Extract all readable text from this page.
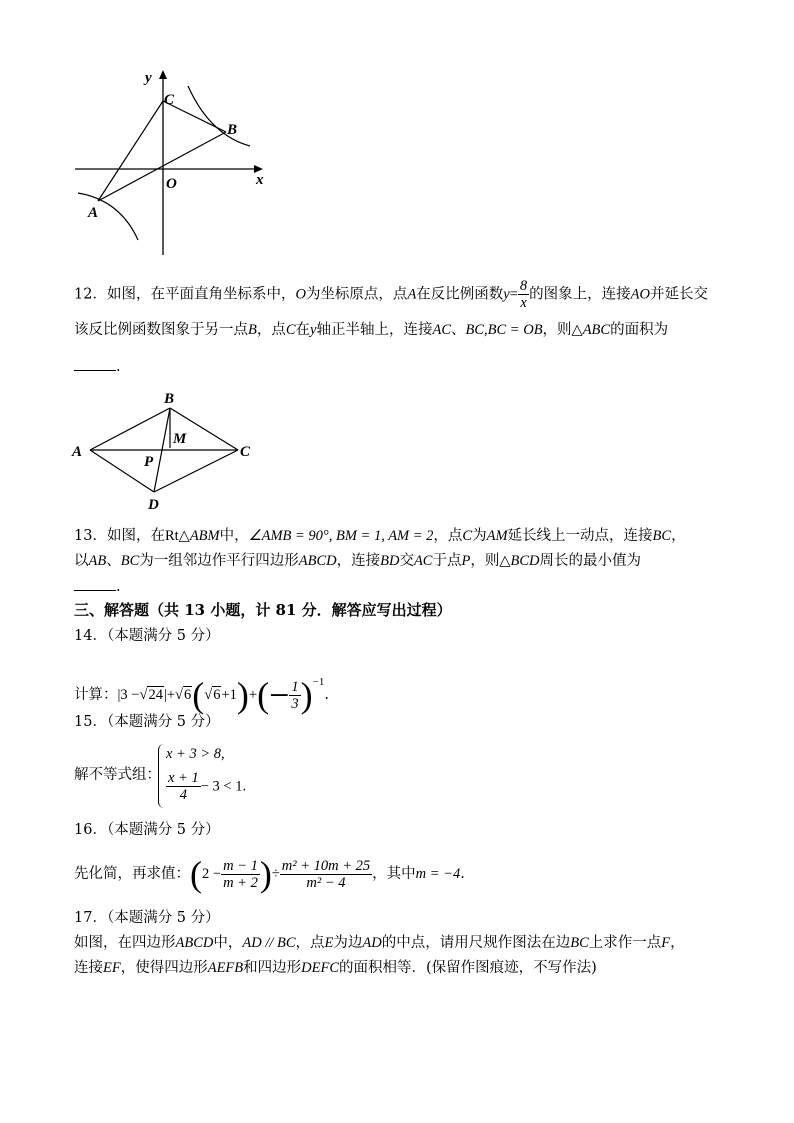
y
C
B
O	x
A
12．如图，在平面直角坐标系中，O为坐标原点，点A在反比例函数$y= \frac{8}{x}$ 的图象上，连接AO并延长交
该反比例函数图象于另一点B，点C在y轴正半轴上，连接AC、BC,BC = OB，则△ABC的面积为
.
B
M
A	C
P
D
13．如图，在Rt△ABM中，∠AMB = 90°, BM = 1, AM = 2，点C为AM延长线上一动点，连接BC，
以AB、BC为一组邻边作平行四边形ABCD，连接BD交AC于点P，则△BCD周长的最小值为
.
三、解答题（共 13 小题，计 81 分．解答应写出过程）
14．（本题满分 5 分）
计算：$|3 -√24|+√6(√6+1)+(- \frac{1}{3} )^{-1}$.
15．（本题满分 5 分）
解不等式组：
x + 3 > 8,
$\frac{x + 1}{4} - 3 < 1$.
16．（本题满分 5 分）
先化简，再求值：($2 - \frac{m - 1}{m + 2}$ )÷ $\frac{\text{m² + 10m + 25}}{\text{m² − 4}}$ ，其中m = −4.
17．（本题满分 5 分）
如图，在四边形ABCD中，AD // BC，点E为边AD的中点，请用尺规作图法在边BC上求作一点F，
连接EF，使得四边形AEFB和四边形DEFC的面积相等．(保留作图痕迹，不写作法)
